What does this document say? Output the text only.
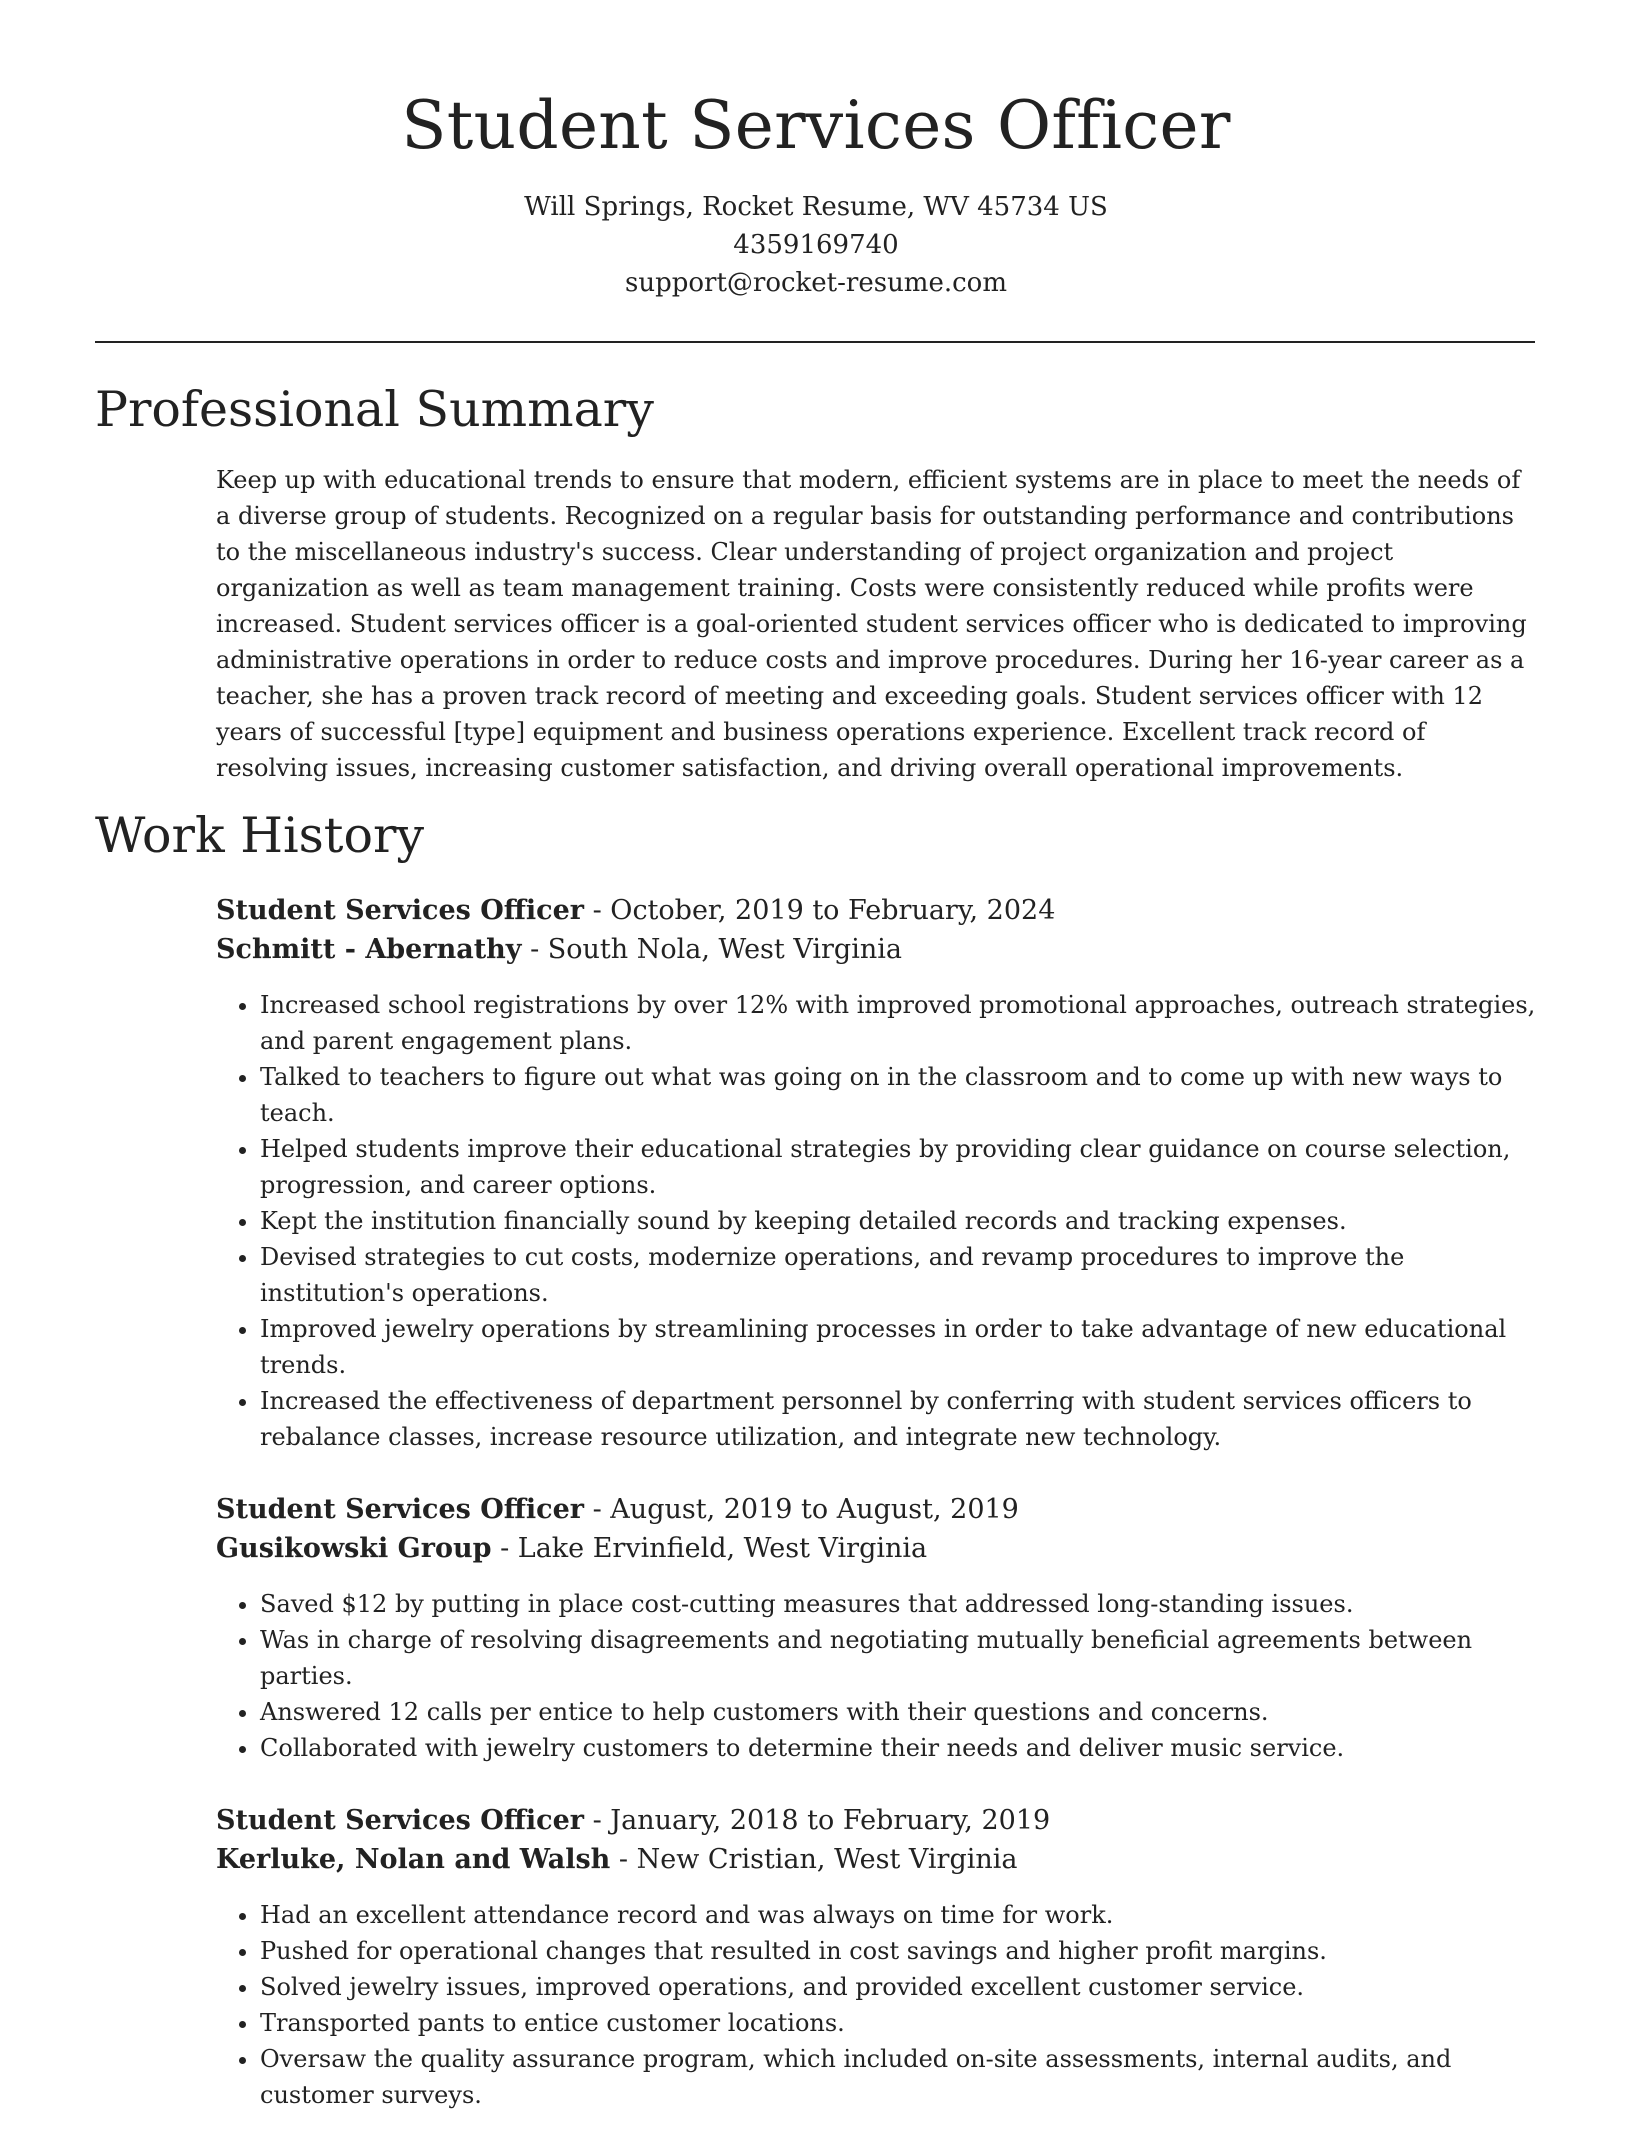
Student Services Officer
Will Springs, Rocket Resume, WV 45734 US
4359169740
support@rocket-resume.com
Professional Summary

Keep up with educational trends to ensure that modern, efficient systems are in place to meet the needs of a diverse group of students. Recognized on a regular basis for outstanding performance and contributions to the miscellaneous industry's success. Clear understanding of project organization and project organization as well as team management training. Costs were consistently reduced while profits were increased. Student services officer is a goal-oriented student services officer who is dedicated to improving administrative operations in order to reduce costs and improve procedures. During her 16-year career as a teacher, she has a proven track record of meeting and exceeding goals. Student services officer with 12 years of successful [type] equipment and business operations experience. Excellent track record of resolving issues, increasing customer satisfaction, and driving overall operational improvements.

Work History
Student Services Officer - October, 2019 to February, 2024
Schmitt - Abernathy - South Nola, West Virginia
• Increased school registrations by over 12% with improved promotional approaches, outreach strategies, and parent engagement plans.
• Talked to teachers to figure out what was going on in the classroom and to come up with new ways to teach.
• Helped students improve their educational strategies by providing clear guidance on course selection, progression, and career options.
• Kept the institution financially sound by keeping detailed records and tracking expenses.
• Devised strategies to cut costs, modernize operations, and revamp procedures to improve the institution's operations.
• Improved jewelry operations by streamlining processes in order to take advantage of new educational trends.
• Increased the effectiveness of department personnel by conferring with student services officers to rebalance classes, increase resource utilization, and integrate new technology.
Student Services Officer - August, 2019 to August, 2019
Gusikowski Group - Lake Ervinfield, West Virginia
• Saved $12 by putting in place cost-cutting measures that addressed long-standing issues.
• Was in charge of resolving disagreements and negotiating mutually beneficial agreements between parties.
• Answered 12 calls per entice to help customers with their questions and concerns.
• Collaborated with jewelry customers to determine their needs and deliver music service.
Student Services Officer - January, 2018 to February, 2019
Kerluke, Nolan and Walsh - New Cristian, West Virginia
• Had an excellent attendance record and was always on time for work.
• Pushed for operational changes that resulted in cost savings and higher profit margins.
• Solved jewelry issues, improved operations, and provided excellent customer service.
• Transported pants to entice customer locations.
• Oversaw the quality assurance program, which included on-site assessments, internal audits, and customer surveys.
